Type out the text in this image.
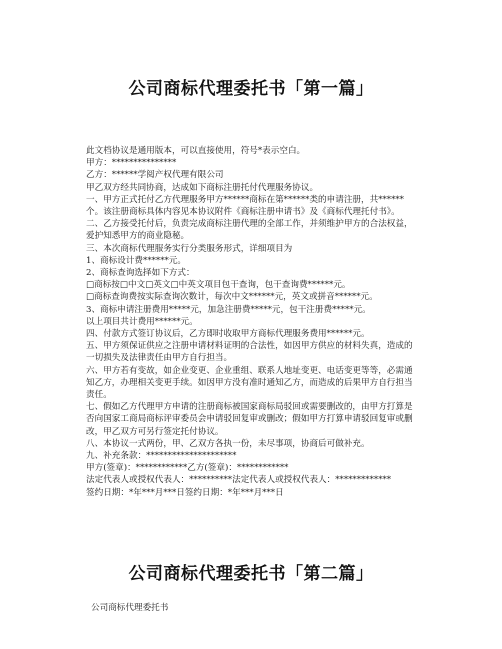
公司商标代理委托书「第一篇」

此文档协议是通用版本，可以直接使用，符号*表示空白。

甲方：***************

乙方：******学阅产权代理有限公司

甲乙双方经共同协商，达成如下商标注册托付代理服务协议。

一、甲方正式托付乙方代理服务甲方******商标在第******类的申请注册，共******个。该注册商标具体内容见本协议附件《商标注册申请书》及《商标代理托付书》。

二、乙方接受托付后，负责完成商标注册代理的全部工作，并须维护甲方的合法权益，爱护知悉甲方的商业隐秘。

三、本次商标代理服务实行分类服务形式，详细项目为

1、商标设计费******元。

2、商标查询选择如下方式：

□商标按□中文□英文□中英文项目包干查询，包干查询费******元。

□商标查询费按实际查询次数计，每次中文******元，英文或拼音******元。

3、商标申请注册费用*****元，加急注册费*****元，包干注册费*****元。

以上项目共计费用******元。

四、付款方式签订协议后，乙方即时收取甲方商标代理服务费用******元。

五、甲方须保证供应之注册申请材料证明的合法性，如因甲方供应的材料失真，造成的一切损失及法律责任由甲方自行担当。

六、甲方若有变故，如企业变更、企业重组、联系人地址变更、电话变更等等，必需通知乙方，办理相关变更手续。如因甲方没有准时通知乙方，而造成的后果甲方自行担当责任。

七、假如乙方代理甲方申请的注册商标被国家商标局驳回或需要删改的，由甲方打算是否向国家工商局商标评审委员会申请驳回复审或删改；假如甲方打算申请驳回复审或删改，甲乙双方可另行签定托付协议。

八、本协议一式两份，甲、乙双方各执一份，未尽事项，协商后可做补充。

九、补充条款：*********************

甲方(签章)：************乙方(签章)：************

法定代表人或授权代表人：**********法定代表人或授权代表人：*************

签约日期：*年***月***日签约日期：*年***月***日

公司商标代理委托书「第二篇」
公司商标代理委托书
